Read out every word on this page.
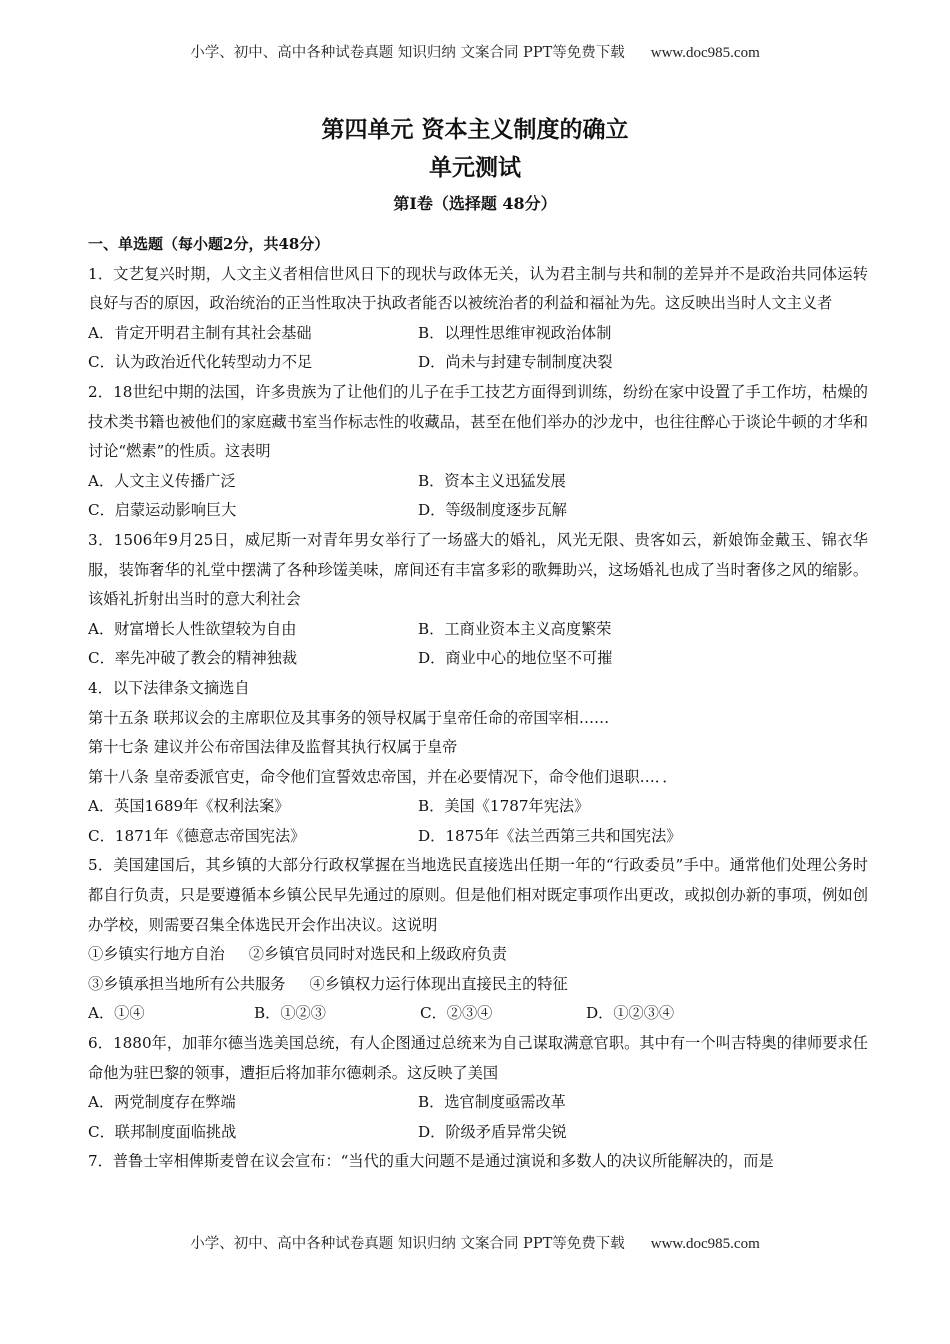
小学、初中、高中各种试卷真题 知识归纳 文案合同 PPT等免费下载 www.doc985.com
第四单元 资本主义制度的确立
单元测试
第Ⅰ卷（选择题 48分）
一、单选题（每小题2分，共48分）

1．文艺复兴时期，人文主义者相信世风日下的现状与政体无关，认为君主制与共和制的差异并不是政治共同体运转良好与否的原因，政治统治的正当性取决于执政者能否以被统治者的利益和福祉为先。这反映出当时人文主义者

A．肯定开明君主制有其社会基础	B．以理性思维审视政治体制
C．认为政治近代化转型动力不足	D．尚未与封建专制制度决裂

2．18世纪中期的法国，许多贵族为了让他们的儿子在手工技艺方面得到训练，纷纷在家中设置了手工作坊，枯燥的技术类书籍也被他们的家庭藏书室当作标志性的收藏品，甚至在他们举办的沙龙中，也往往醉心于谈论牛顿的才华和讨论“燃素”的性质。这表明

A．人文主义传播广泛	B．资本主义迅猛发展
C．启蒙运动影响巨大	D．等级制度逐步瓦解

3．1506年9月25日，威尼斯一对青年男女举行了一场盛大的婚礼，风光无限、贵客如云，新娘饰金戴玉、锦衣华服，装饰奢华的礼堂中摆满了各种珍馐美味，席间还有丰富多彩的歌舞助兴，这场婚礼也成了当时奢侈之风的缩影。该婚礼折射出当时的意大利社会

A．财富增长人性欲望较为自由	B．工商业资本主义高度繁荣
C．率先冲破了教会的精神独裁	D．商业中心的地位坚不可摧

4．以下法律条文摘选自

第十五条 联邦议会的主席职位及其事务的领导权属于皇帝任命的帝国宰相……

第十七条 建议并公布帝国法律及监督其执行权属于皇帝

第十八条 皇帝委派官吏，命令他们宣誓效忠帝国，并在必要情况下，命令他们退职…．．

A．英国1689年《权利法案》	B．美国《1787年宪法》
C．1871年《德意志帝国宪法》	D．1875年《法兰西第三共和国宪法》

5．美国建国后，其乡镇的大部分行政权掌握在当地选民直接选出任期一年的“行政委员”手中。通常他们处理公务时都自行负责，只是要遵循本乡镇公民早先通过的原则。但是他们相对既定事项作出更改，或拟创办新的事项，例如创办学校，则需要召集全体选民开会作出决议。这说明

①乡镇实行地方自治 ②乡镇官员同时对选民和上级政府负责
③乡镇承担当地所有公共服务 ④乡镇权力运行体现出直接民主的特征
A．①④	B．①②③	C．②③④	D．①②③④

6．1880年，加菲尔德当选美国总统，有人企图通过总统来为自己谋取满意官职。其中有一个叫吉特奥的律师要求任命他为驻巴黎的领事，遭拒后将加菲尔德刺杀。这反映了美国

A．两党制度存在弊端	B．选官制度亟需改革
C．联邦制度面临挑战	D．阶级矛盾异常尖锐

7．普鲁士宰相俾斯麦曾在议会宣布：“当代的重大问题不是通过演说和多数人的决议所能解决的，而是

小学、初中、高中各种试卷真题 知识归纳 文案合同 PPT等免费下载 www.doc985.com
